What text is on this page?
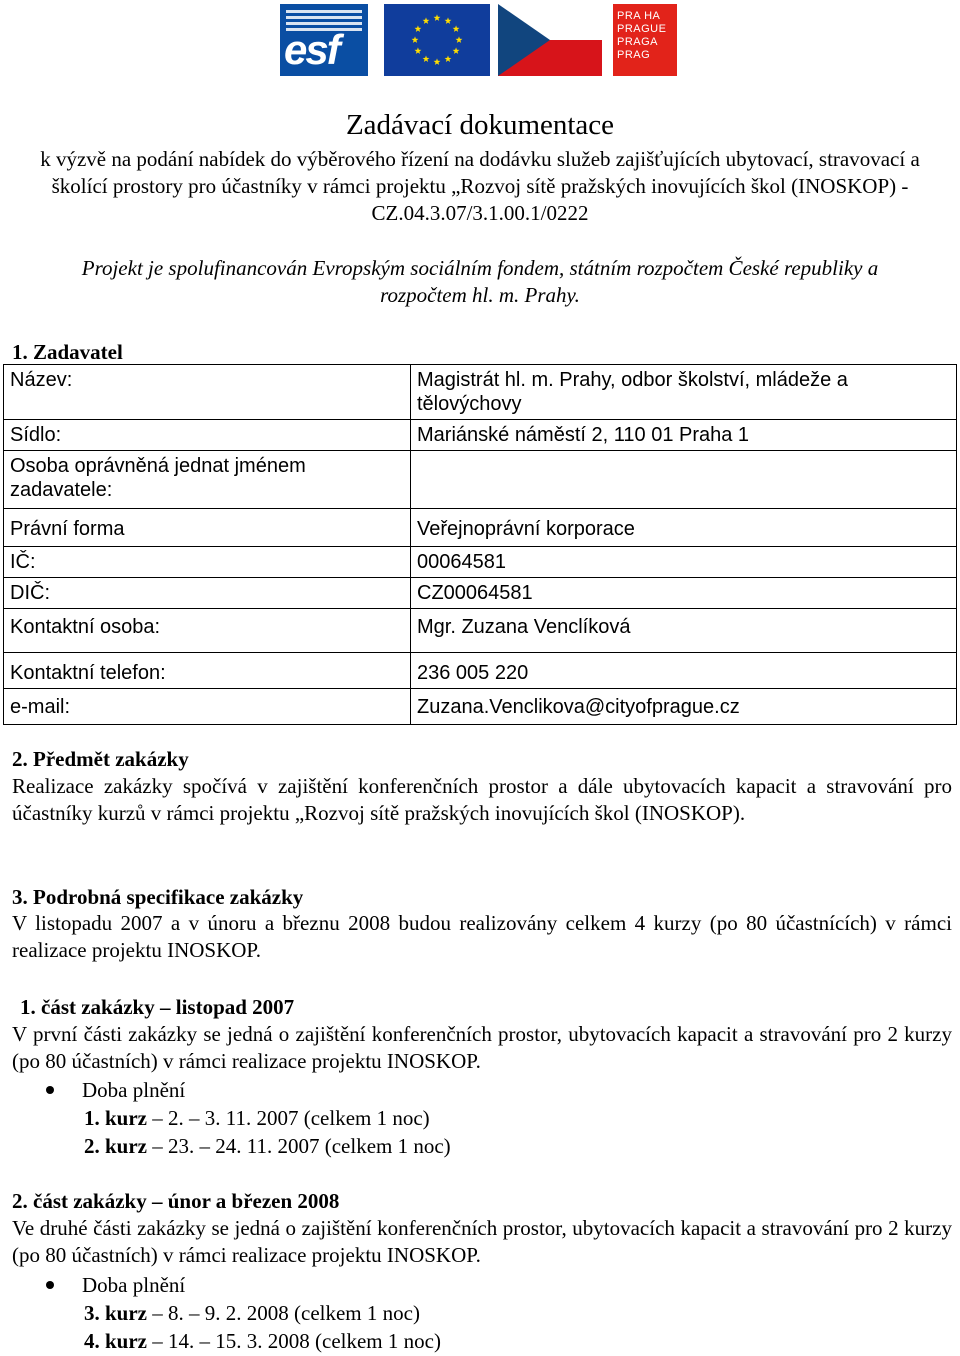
esf
PRA HA
PRAGUE
PRAGA
PRAG
Zadávací dokumentace
k výzvě na podání nabídek do výběrového řízení na dodávku služeb zajišťujících ubytovací, stravovací a školící prostory pro účastníky v rámci projektu „Rozvoj sítě pražských inovujících škol (INOSKOP) - CZ.04.3.07/3.1.00.1/0222
Projekt je spolufinancován Evropským sociálním fondem, státním rozpočtem České republiky a rozpočtem hl. m. Prahy.
1. Zadavatel
Název:	Magistrát hl. m. Prahy, odbor školství, mládeže a tělovýchovy
Sídlo:	Mariánské náměstí 2, 110 01 Praha 1
Osoba oprávněná jednat jménem zadavatele:	
Právní forma	Veřejnoprávní korporace
IČ:	00064581
DIČ:	CZ00064581
Kontaktní osoba:	Mgr. Zuzana Venclíková
Kontaktní telefon:	236 005 220
e-mail:	Zuzana.Venclikova@cityofprague.cz
2. Předmět zakázky
Realizace zakázky spočívá v zajištění konferenčních prostor a dále ubytovacích kapacit a stravování pro účastníky kurzů v rámci projektu „Rozvoj sítě pražských inovujících škol (INOSKOP).
3. Podrobná specifikace zakázky
V listopadu 2007 a v únoru a březnu 2008 budou realizovány celkem 4 kurzy (po 80 účastnících) v rámci realizace projektu INOSKOP.
1. část zakázky – listopad 2007
V první části zakázky se jedná o zajištění konferenčních prostor, ubytovacích kapacit a stravování pro 2 kurzy (po 80 účastních) v rámci realizace projektu INOSKOP.
Doba plnění
1. kurz – 2. – 3. 11. 2007 (celkem 1 noc)
2. kurz – 23. – 24. 11. 2007 (celkem 1 noc)
2. část zakázky – únor a březen 2008
Ve druhé části zakázky se jedná o zajištění konferenčních prostor, ubytovacích kapacit a stravování pro 2 kurzy (po 80 účastních) v rámci realizace projektu INOSKOP.
Doba plnění
3. kurz – 8. – 9. 2. 2008 (celkem 1 noc)
4. kurz – 14. – 15. 3. 2008 (celkem 1 noc)
